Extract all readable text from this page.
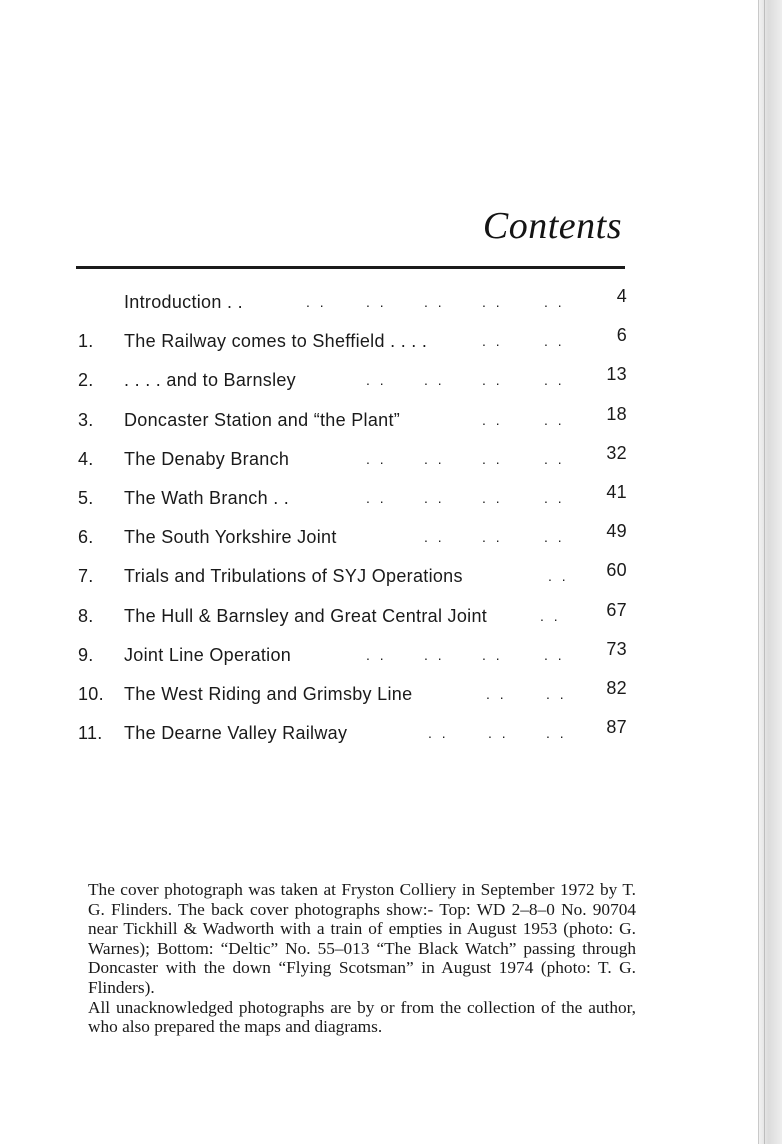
Contents
Introduction . .	. .	. .	. .	. .	. .	4
1.	The Railway comes to Sheffield . . . .	. .	. .	6
2.	. . . . and to Barnsley	. .	. .	. .	. . 13
3.	Doncaster Station and “the Plant”	. .	. . 18
4.	The Denaby Branch	. .	. .	. .	. . 32
5.	The Wath Branch . .	. .	. .	. .	. . 41
6.	The South Yorkshire Joint	. .	. .	. . 49
7.	Trials and Tribulations of SYJ Operations	. . 60
8.	The Hull & Barnsley and Great Central Joint	. .	67
9.	Joint Line Operation	. .	. .	. .	. . 73
10.	The West Riding and Grimsby Line	. .	. . 82
11.	The Dearne Valley Railway	. .	. .	. . 87

The cover photograph was taken at Fryston Colliery in September 1972 by T. G. Flinders. The back cover photographs show:- Top: WD 2–8–0 No. 90704 near Tickhill & Wadworth with a train of empties in August 1953 (photo: G. Warnes); Bottom: “Deltic” No. 55–013 “The Black Watch” passing through Doncaster with the down “Flying Scotsman” in August 1974 (photo: T. G. Flinders).

All unacknowledged photographs are by or from the collection of the author, who also prepared the maps and diagrams.
